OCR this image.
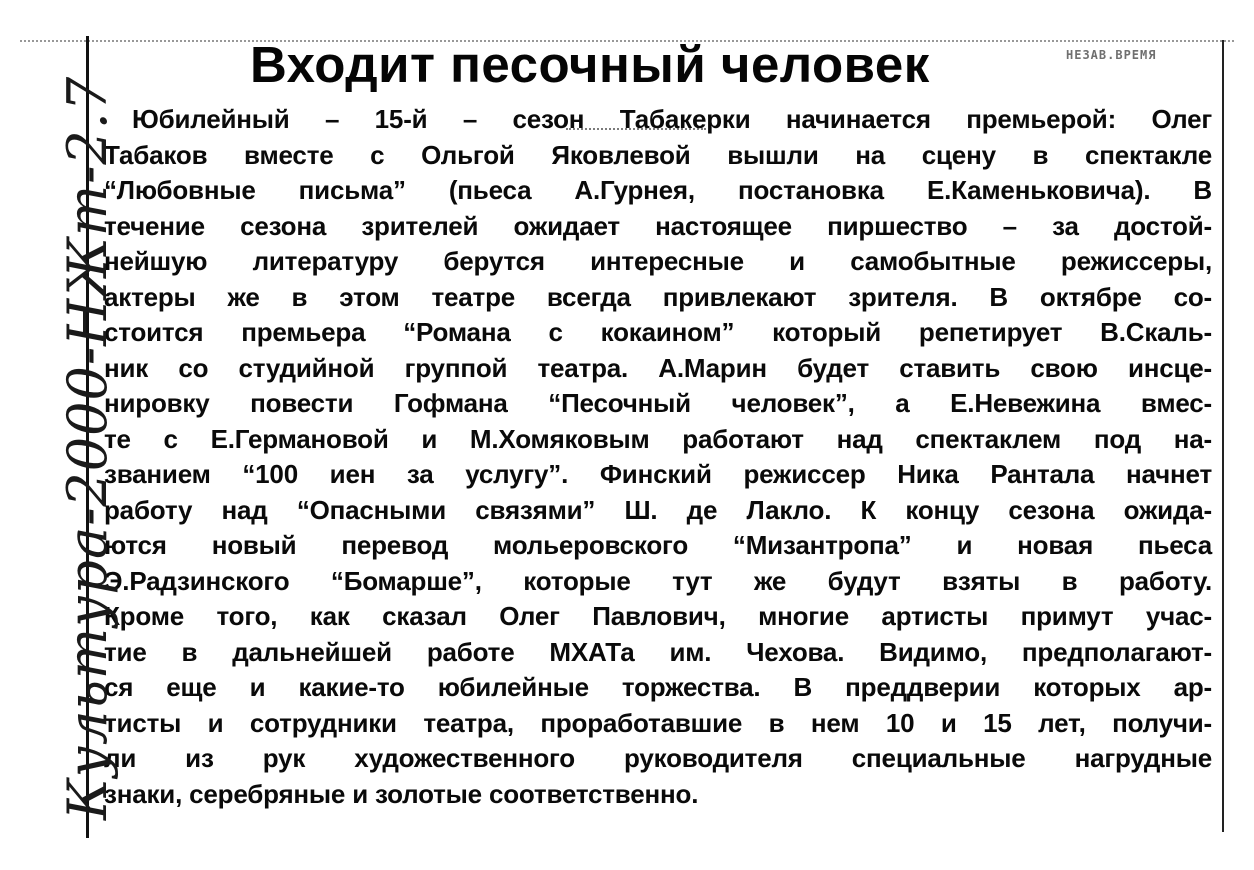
Входит песочный человек	НЕЗАВ.ВРЕМЯ
Юбилейный – 15-й – сезон Табакерки начинается премьерой: Олег
Табаков вместе с Ольгой Яковлевой вышли на сцену в спектакле
“Любовные письма” (пьеса А.Гурнея, постановка Е.Каменьковича). В
течение сезона зрителей ожидает настоящее пиршество – за достой-
нейшую литературу берутся интересные и самобытные режиссеры,
актеры же в этом театре всегда привлекают зрителя. В октябре со-
стоится премьера “Романа с кокаином” который репетирует В.Скаль-
ник со студийной группой театра. А.Марин будет ставить свою инсце-
нировку повести Гофмана “Песочный человек”, а Е.Невежина вмес-
те с Е.Германовой и М.Хомяковым работают над спектаклем под на-
званием “100 иен за услугу”. Финский режиссер Ника Рантала начнет
работу над “Опасными связями” Ш. де Лакло. К концу сезона ожида-
ются новый перевод мольеровского “Мизантропа” и новая пьеса
Э.Радзинского “Бомарше”, которые тут же будут взяты в работу.
Кроме того, как сказал Олег Павлович, многие артисты примут учас-
тие в дальнейшей работе МХАТа им. Чехова. Видимо, предполагают-
ся еще и какие-то юбилейные торжества. В преддверии которых ар-
тисты и сотрудники театра, проработавшие в нем 10 и 15 лет, получи-
ли из рук художественного руководителя специальные нагрудные
знаки, серебряные и золотые соответственно.
Культура-2000-НЖт-2.7
